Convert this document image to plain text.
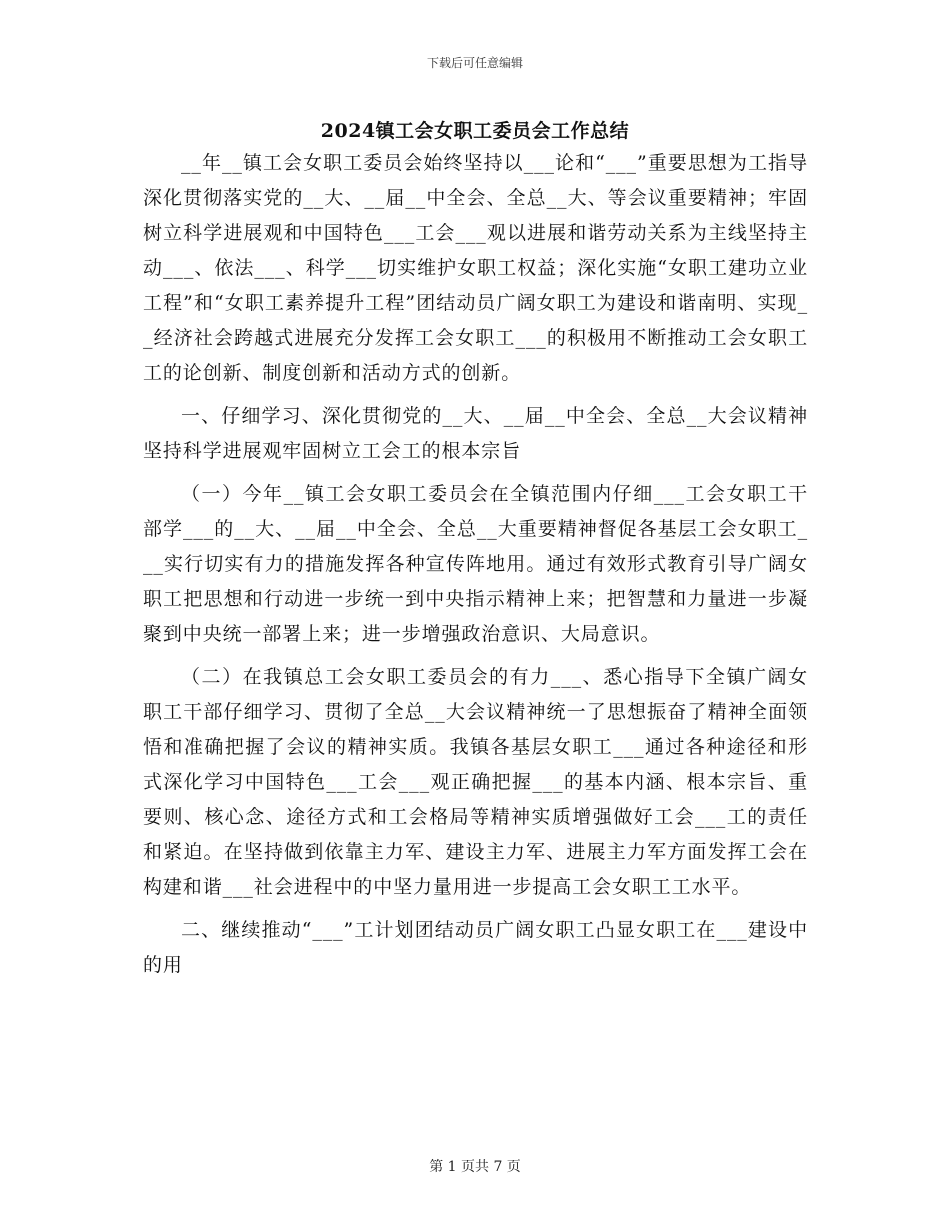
下载后可任意编辑
2024镇工会女职工委员会工作总结

__年__镇工会女职工委员会始终坚持以___论和“___”重要思想为工指导深化贯彻落实党的__大、__届__中全会、全总__大、等会议重要精神；牢固树立科学进展观和中国特色___工会___观以进展和谐劳动关系为主线坚持主动___、依法___、科学___切实维护女职工权益；深化实施“女职工建功立业工程”和“女职工素养提升工程”团结动员广阔女职工为建设和谐南明、实现__经济社会跨越式进展充分发挥工会女职工___的积极用不断推动工会女职工工的论创新、制度创新和活动方式的创新。

一、仔细学习、深化贯彻党的__大、__届__中全会、全总__大会议精神坚持科学进展观牢固树立工会工的根本宗旨

（一）今年__镇工会女职工委员会在全镇范围内仔细___工会女职工干部学___的__大、__届__中全会、全总__大重要精神督促各基层工会女职工___实行切实有力的措施发挥各种宣传阵地用。通过有效形式教育引导广阔女职工把思想和行动进一步统一到中央指示精神上来；把智慧和力量进一步凝聚到中央统一部署上来；进一步增强政治意识、大局意识。

（二）在我镇总工会女职工委员会的有力___、悉心指导下全镇广阔女职工干部仔细学习、贯彻了全总__大会议精神统一了思想振奋了精神全面领悟和准确把握了会议的精神实质。我镇各基层女职工___通过各种途径和形式深化学习中国特色___工会___观正确把握___的基本内涵、根本宗旨、重要则、核心念、途径方式和工会格局等精神实质增强做好工会___工的责任和紧迫。在坚持做到依靠主力军、建设主力军、进展主力军方面发挥工会在构建和谐___社会进程中的中坚力量用进一步提高工会女职工工水平。

二、继续推动“___”工计划团结动员广阔女职工凸显女职工在___建设中的用

第 1 页共 7 页
